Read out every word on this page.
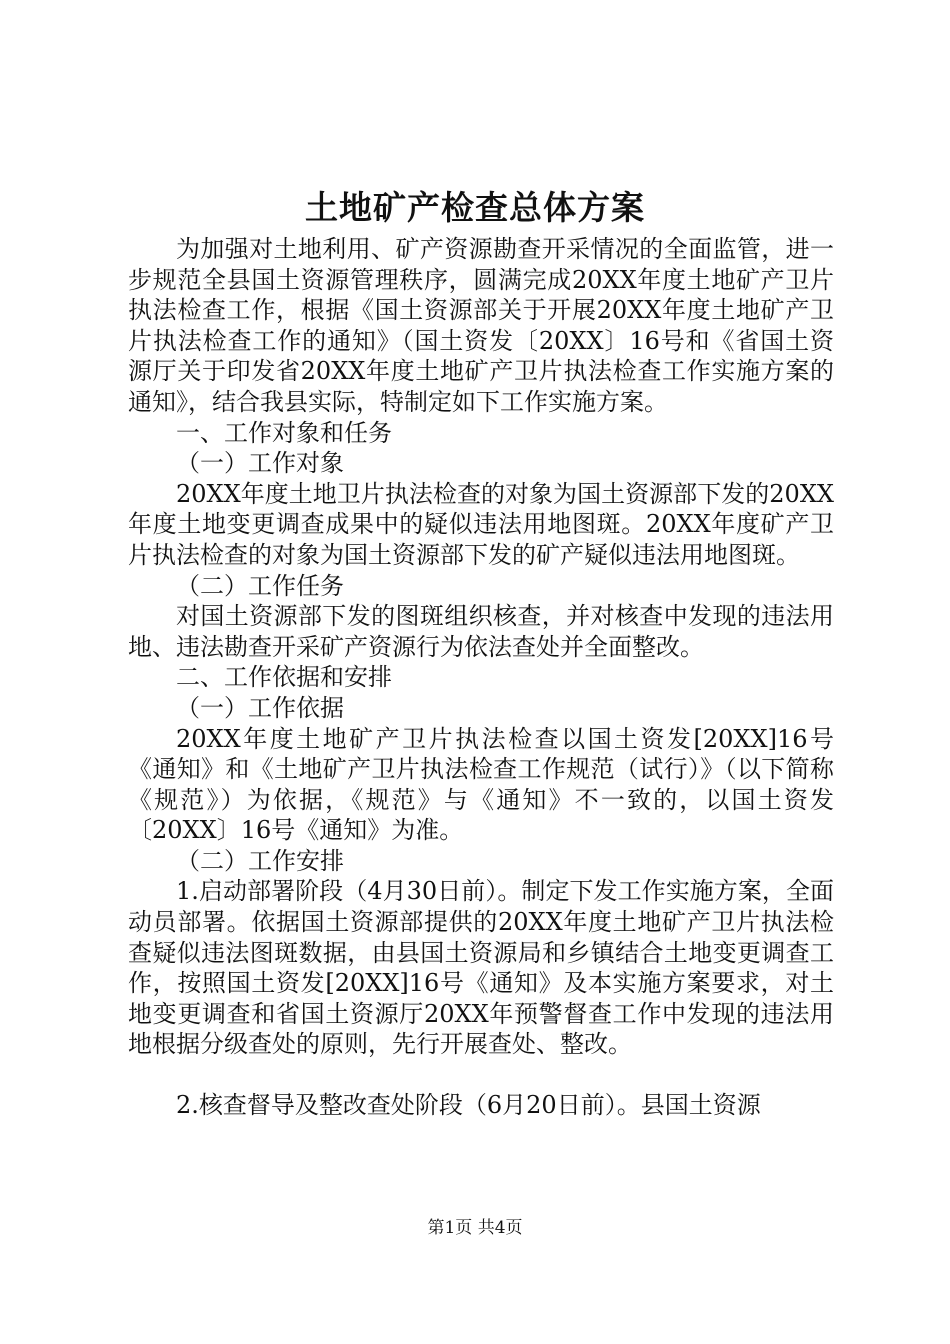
土地矿产检查总体方案

为加强对土地利用、矿产资源勘查开采情况的全面监管，进一步规范全县国土资源管理秩序，圆满完成20XX年度土地矿产卫片执法检查工作，根据《国土资源部关于开展20XX年度土地矿产卫片执法检查工作的通知》（国土资发〔20XX〕16号和《省国土资源厅关于印发省20XX年度土地矿产卫片执法检查工作实施方案的通知》，结合我县实际，特制定如下工作实施方案。

一、工作对象和任务

（一）工作对象

20XX年度土地卫片执法检查的对象为国土资源部下发的20XX年度土地变更调查成果中的疑似违法用地图斑。20XX年度矿产卫片执法检查的对象为国土资源部下发的矿产疑似违法用地图斑。

（二）工作任务

对国土资源部下发的图斑组织核查，并对核查中发现的违法用地、违法勘查开采矿产资源行为依法查处并全面整改。

二、工作依据和安排

（一）工作依据

20XX年度土地矿产卫片执法检查以国土资发[20XX]16号《通知》和《土地矿产卫片执法检查工作规范（试行）》（以下简称《规范》）为依据，《规范》与《通知》不一致的，以国土资发〔20XX〕16号《通知》为准。

（二）工作安排

1.启动部署阶段（4月30日前）。制定下发工作实施方案，全面动员部署。依据国土资源部提供的20XX年度土地矿产卫片执法检查疑似违法图斑数据，由县国土资源局和乡镇结合土地变更调查工作，按照国土资发[20XX]16号《通知》及本实施方案要求，对土地变更调查和省国土资源厅20XX年预警督查工作中发现的违法用地根据分级查处的原则，先行开展查处、整改。

2.核查督导及整改查处阶段（6月20日前）。县国土资源

第1页 共4页
